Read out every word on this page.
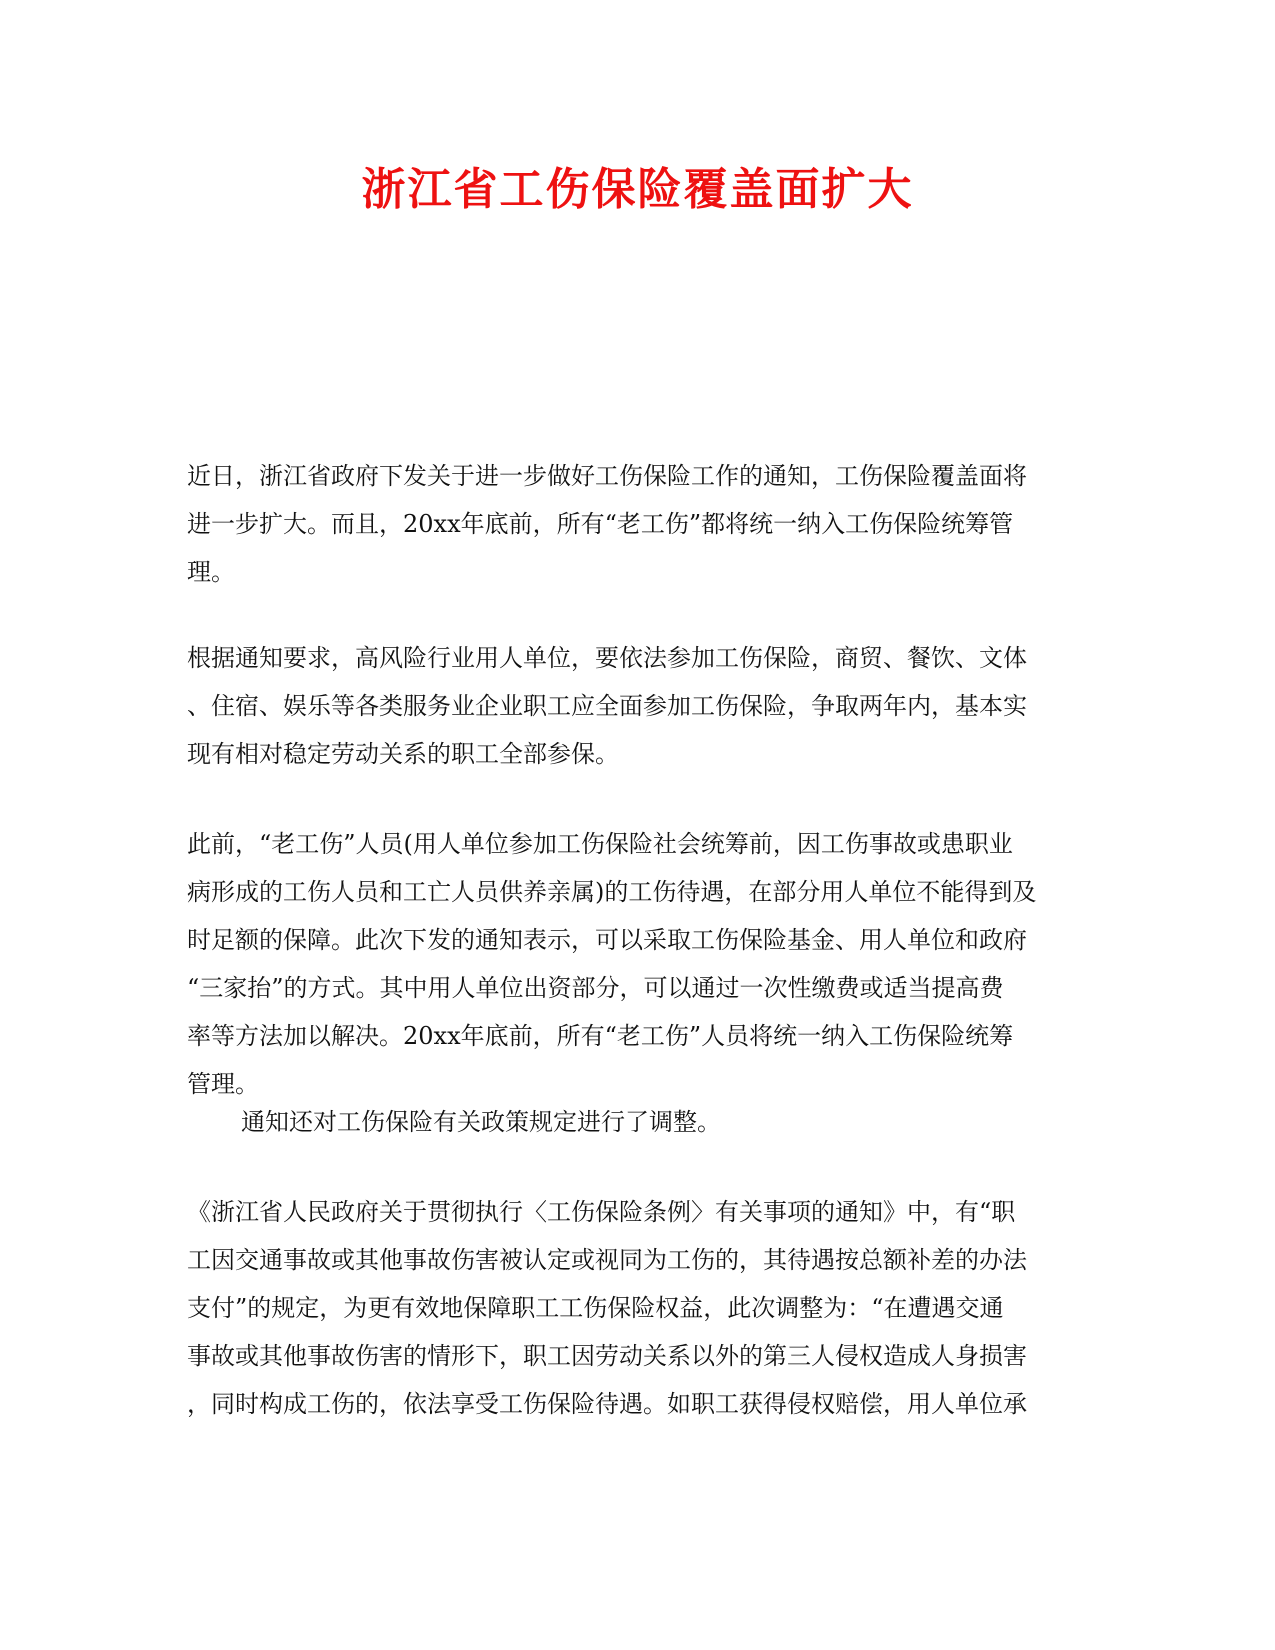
浙江省工伤保险覆盖面扩大
近日，浙江省政府下发关于进一步做好工伤保险工作的通知，工伤保险覆盖面将
进一步扩大。而且，20xx年底前，所有“老工伤”都将统一纳入工伤保险统筹管
理。
根据通知要求，高风险行业用人单位，要依法参加工伤保险，商贸、餐饮、文体
、住宿、娱乐等各类服务业企业职工应全面参加工伤保险，争取两年内，基本实
现有相对稳定劳动关系的职工全部参保。
此前，“老工伤”人员(用人单位参加工伤保险社会统筹前，因工伤事故或患职业
病形成的工伤人员和工亡人员供养亲属)的工伤待遇，在部分用人单位不能得到及
时足额的保障。此次下发的通知表示，可以采取工伤保险基金、用人单位和政府
“三家抬”的方式。其中用人单位出资部分，可以通过一次性缴费或适当提高费
率等方法加以解决。20xx年底前，所有“老工伤”人员将统一纳入工伤保险统筹
管理。
通知还对工伤保险有关政策规定进行了调整。
《浙江省人民政府关于贯彻执行〈工伤保险条例〉有关事项的通知》中，有“职
工因交通事故或其他事故伤害被认定或视同为工伤的，其待遇按总额补差的办法
支付”的规定，为更有效地保障职工工伤保险权益，此次调整为：“在遭遇交通
事故或其他事故伤害的情形下，职工因劳动关系以外的第三人侵权造成人身损害
，同时构成工伤的，依法享受工伤保险待遇。如职工获得侵权赔偿，用人单位承
